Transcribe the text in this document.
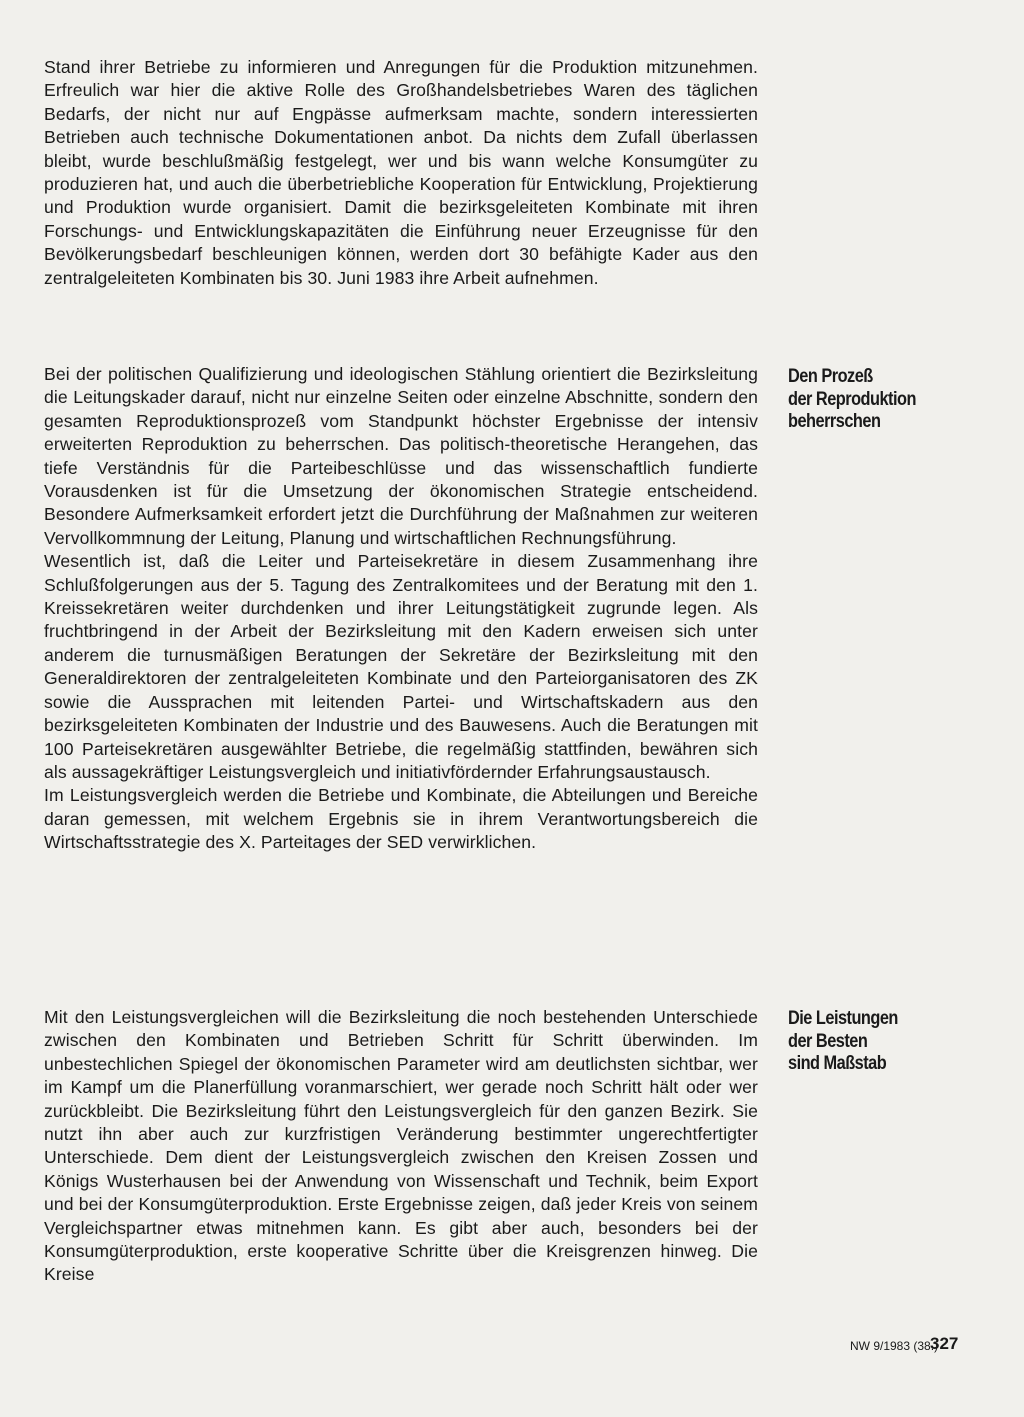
Stand ihrer Betriebe zu informieren und Anregungen für die Produktion mitzunehmen. Erfreulich war hier die aktive Rolle des Großhandelsbetriebes Waren des täglichen Bedarfs, der nicht nur auf Engpässe aufmerksam machte, sondern interessierten Betrieben auch technische Dokumentationen anbot. Da nichts dem Zufall überlassen bleibt, wurde beschlußmäßig festgelegt, wer und bis wann welche Konsumgüter zu produzieren hat, und auch die überbetriebliche Kooperation für Entwicklung, Projektierung und Produktion wurde organisiert. Damit die bezirksgeleiteten Kombinate mit ihren Forschungs- und Entwicklungskapazitäten die Einführung neuer Erzeugnisse für den Bevölkerungsbedarf beschleunigen können, werden dort 30 befähigte Kader aus den zentralgeleiteten Kombinaten bis 30. Juni 1983 ihre Arbeit aufnehmen.

Bei der politischen Qualifizierung und ideologischen Stählung orientiert die Bezirksleitung die Leitungskader darauf, nicht nur einzelne Seiten oder einzelne Abschnitte, sondern den gesamten Reproduktionsprozeß vom Standpunkt höchster Ergebnisse der intensiv erweiterten Reproduktion zu beherrschen. Das politisch-theoretische Herangehen, das tiefe Verständnis für die Parteibeschlüsse und das wissenschaftlich fundierte Vorausdenken ist für die Umsetzung der ökonomischen Strategie entscheidend. Besondere Aufmerksamkeit erfordert jetzt die Durchführung der Maßnahmen zur weiteren Vervollkommnung der Leitung, Planung und wirtschaftlichen Rechnungsführung.

Wesentlich ist, daß die Leiter und Parteisekretäre in diesem Zusammenhang ihre Schlußfolgerungen aus der 5. Tagung des Zentralkomitees und der Beratung mit den 1. Kreissekretären weiter durchdenken und ihrer Leitungstätigkeit zugrunde legen. Als fruchtbringend in der Arbeit der Bezirksleitung mit den Kadern erweisen sich unter anderem die turnusmäßigen Beratungen der Sekretäre der Bezirksleitung mit den Generaldirektoren der zentralgeleiteten Kombinate und den Parteiorganisatoren des ZK sowie die Aussprachen mit leitenden Partei- und Wirtschaftskadern aus den bezirksgeleiteten Kombinaten der Industrie und des Bauwesens. Auch die Beratungen mit 100 Parteisekretären ausgewählter Betriebe, die regelmäßig stattfinden, bewähren sich als aussagekräftiger Leistungsvergleich und initiativfördernder Erfahrungsaustausch.

Im Leistungsvergleich werden die Betriebe und Kombinate, die Abteilungen und Bereiche daran gemessen, mit welchem Ergebnis sie in ihrem Verantwortungsbereich die Wirtschaftsstrategie des X. Parteitages der SED verwirklichen.

Mit den Leistungsvergleichen will die Bezirksleitung die noch bestehenden Unterschiede zwischen den Kombinaten und Betrieben Schritt für Schritt überwinden. Im unbestechlichen Spiegel der ökonomischen Parameter wird am deutlichsten sichtbar, wer im Kampf um die Planerfüllung voranmarschiert, wer gerade noch Schritt hält oder wer zurückbleibt. Die Bezirksleitung führt den Leistungsvergleich für den ganzen Bezirk. Sie nutzt ihn aber auch zur kurzfristigen Veränderung bestimmter ungerechtfertigter Unterschiede. Dem dient der Leistungsvergleich zwischen den Kreisen Zossen und Königs Wusterhausen bei der Anwendung von Wissenschaft und Technik, beim Export und bei der Konsumgüterproduktion. Erste Ergebnisse zeigen, daß jeder Kreis von seinem Vergleichspartner etwas mitnehmen kann. Es gibt aber auch, besonders bei der Konsumgüterproduktion, erste kooperative Schritte über die Kreisgrenzen hinweg. Die Kreise

Den Prozeß
der Reproduktion
beherrschen
Die Leistungen
der Besten
sind Maßstab
NW 9/1983 (38.)
327
